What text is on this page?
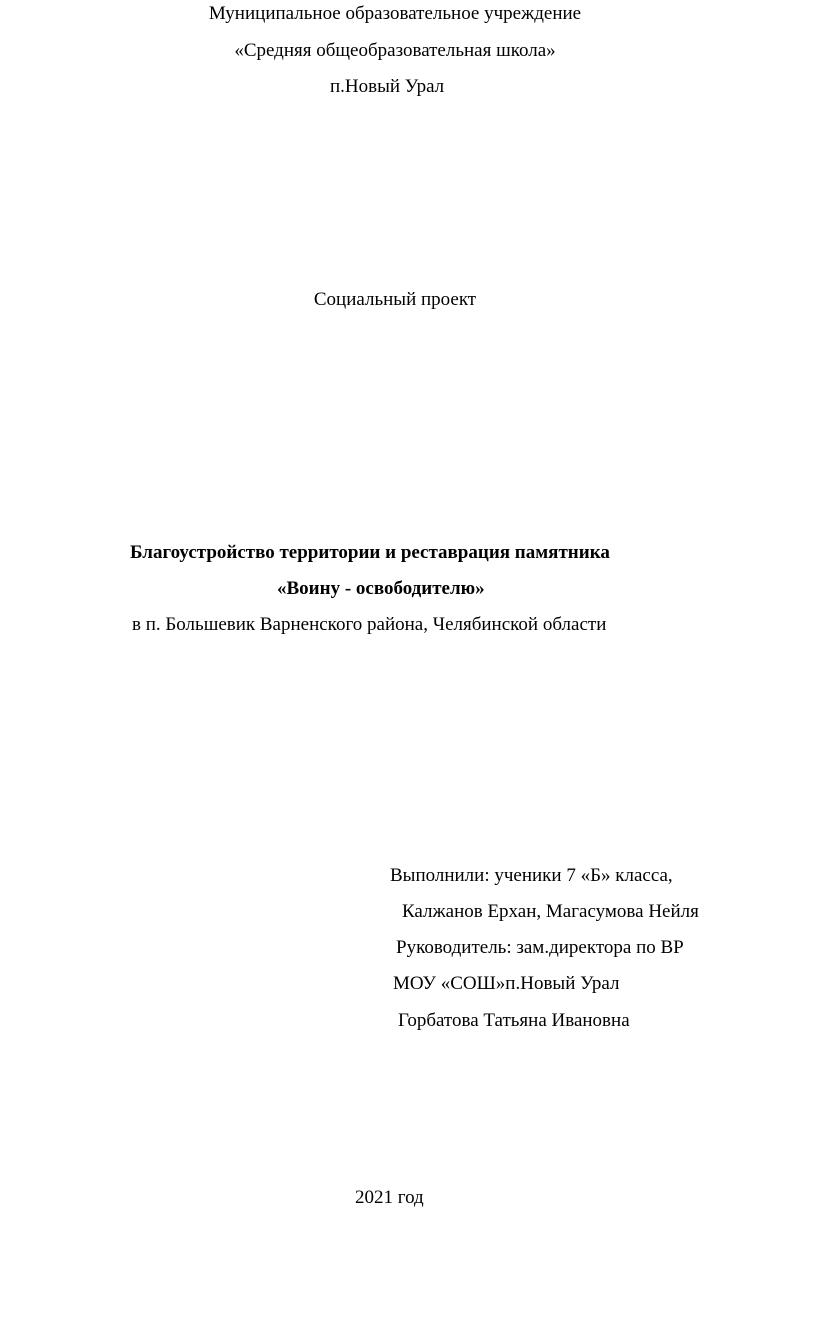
Муниципальное образовательное учреждение
«Средняя общеобразовательная школа»
п.Новый Урал
Социальный проект
Благоустройство территории и реставрация памятника
«Воину - освободителю»
в п. Большевик Варненского района, Челябинской области
Выполнили: ученики 7 «Б» класса,
Калжанов Ерхан, Магасумова Нейля
Руководитель: зам.директора по ВР
МОУ «СОШ»п.Новый Урал
Горбатова Татьяна Ивановна
2021 год
